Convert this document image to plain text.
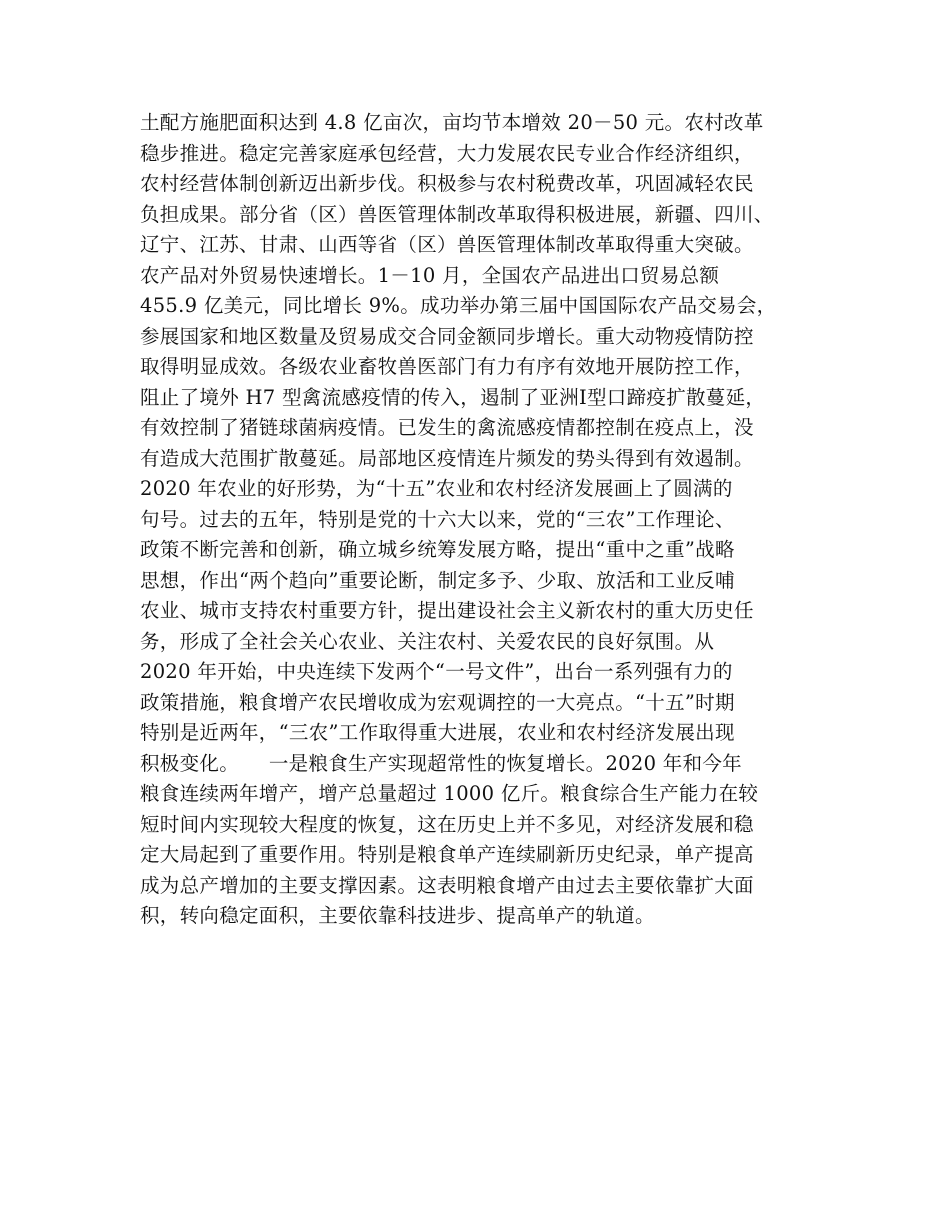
土配方施肥面积达到 4.8 亿亩次，亩均节本增效 20－50 元。农村改革
稳步推进。稳定完善家庭承包经营，大力发展农民专业合作经济组织，
农村经营体制创新迈出新步伐。积极参与农村税费改革，巩固减轻农民
负担成果。部分省（区）兽医管理体制改革取得积极进展，新疆、四川、
辽宁、江苏、甘肃、山西等省（区）兽医管理体制改革取得重大突破。
农产品对外贸易快速增长。1－10 月，全国农产品进出口贸易总额
455.9 亿美元，同比增长 9%。成功举办第三届中国国际农产品交易会，
参展国家和地区数量及贸易成交合同金额同步增长。重大动物疫情防控
取得明显成效。各级农业畜牧兽医部门有力有序有效地开展防控工作，
阻止了境外 H7 型禽流感疫情的传入，遏制了亚洲Ⅰ型口蹄疫扩散蔓延，
有效控制了猪链球菌病疫情。已发生的禽流感疫情都控制在疫点上，没
有造成大范围扩散蔓延。局部地区疫情连片频发的势头得到有效遏制。
2020 年农业的好形势，为“十五”农业和农村经济发展画上了圆满的
句号。过去的五年，特别是党的十六大以来，党的“三农”工作理论、
政策不断完善和创新，确立城乡统筹发展方略，提出“重中之重”战略
思想，作出“两个趋向”重要论断，制定多予、少取、放活和工业反哺
农业、城市支持农村重要方针，提出建设社会主义新农村的重大历史任
务，形成了全社会关心农业、关注农村、关爱农民的良好氛围。从
2020 年开始，中央连续下发两个“一号文件”，出台一系列强有力的
政策措施，粮食增产农民增收成为宏观调控的一大亮点。“十五”时期
特别是近两年，“三农”工作取得重大进展，农业和农村经济发展出现
积极变化。　　一是粮食生产实现超常性的恢复增长。2020 年和今年
粮食连续两年增产，增产总量超过 1000 亿斤。粮食综合生产能力在较
短时间内实现较大程度的恢复，这在历史上并不多见，对经济发展和稳
定大局起到了重要作用。特别是粮食单产连续刷新历史纪录，单产提高
成为总产增加的主要支撑因素。这表明粮食增产由过去主要依靠扩大面
积，转向稳定面积，主要依靠科技进步、提高单产的轨道。
